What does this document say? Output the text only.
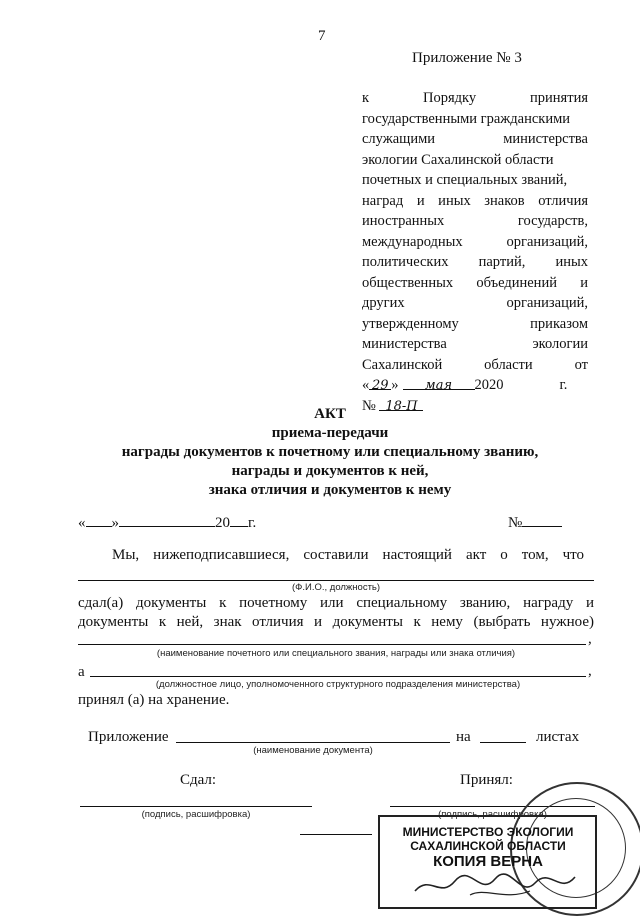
7
Приложение № 3
к Порядку принятия
государственными гражданскими
служащими министерства
экологии Сахалинской области
почетных и специальных званий,
наград и иных знаков отличия
иностранных государств,
международных организаций,
политических партий, иных
общественных объединений и
других организаций,
утвержденному приказом
министерства экологии
Сахалинской области от
« 29 » мая 2020	г.
№ 18-П
АКТ
приема-передачи
награды документов к почетному или специальному званию,
награды и документов к ней,
знака отличия и документов к нему
« »	20 г.	№
Мы, нижеподписавшиеся, составили настоящий акт о том, что
(Ф.И.О., должность)
сдал(а) документы к почетному или специальному званию, награду и
документы к ней, знак отличия и документы к нему (выбрать нужное)
,
(наименование почетного или специального звания, награды или знака отличия)
а	,
(должностное лицо, уполномоченного структурного подразделения министерства)
принял (а) на хранение.
Приложение	на	листах
(наименование документа)
Сдал:	Принял:
(подпись, расшифровка)	(подпись, расшифровка)
МИНИСТЕРСТВО ЭКОЛОГИИ
САХАЛИНСКОЙ ОБЛАСТИ
КОПИЯ ВЕРНА
